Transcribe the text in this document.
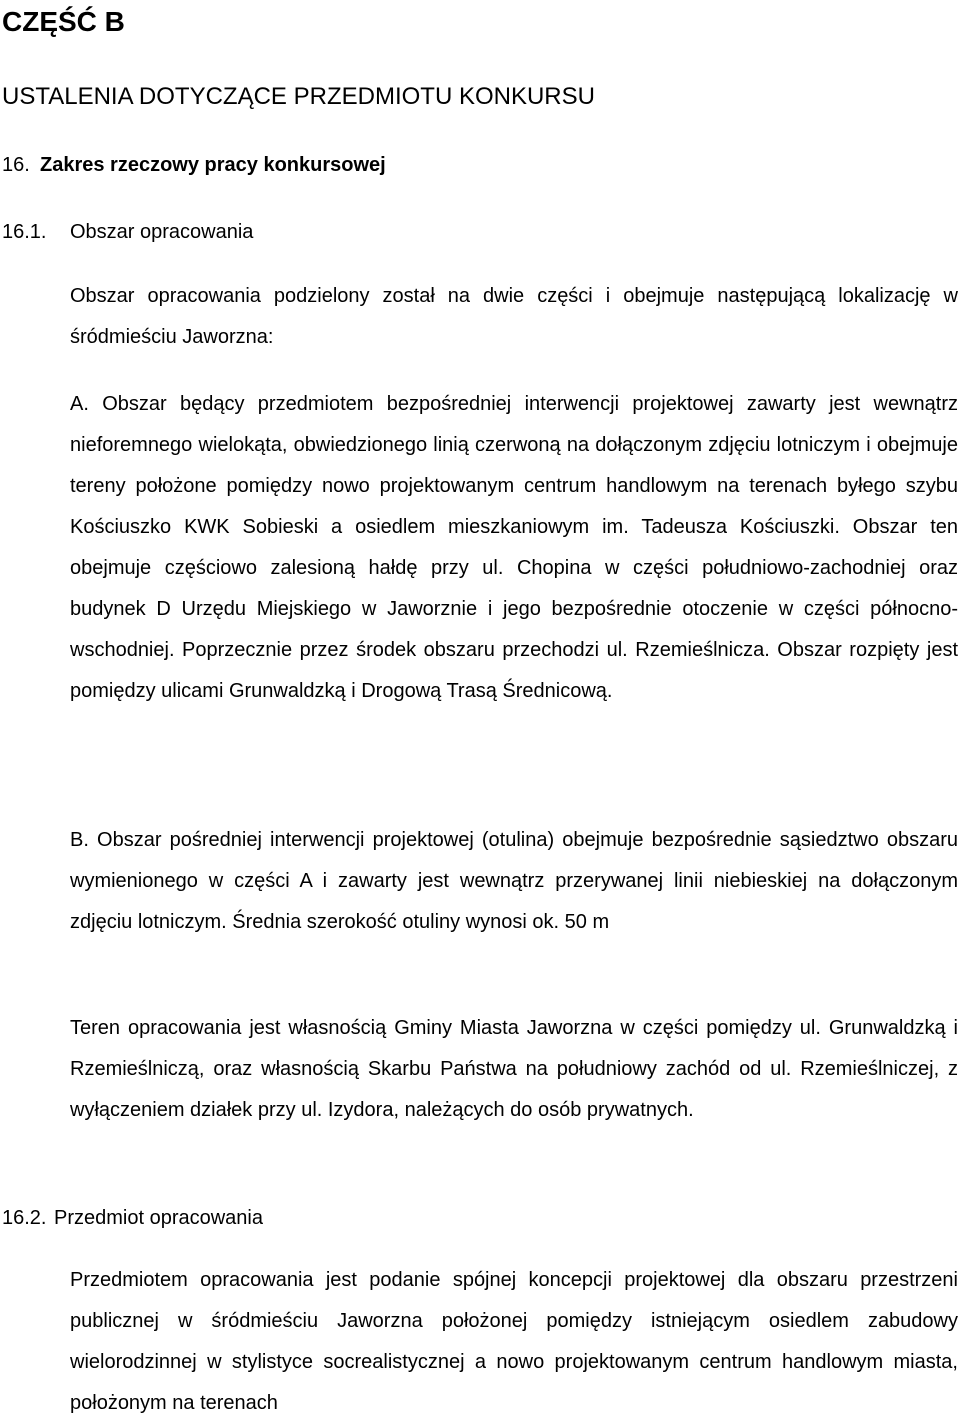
CZĘŚĆ B
USTALENIA DOTYCZĄCE PRZEDMIOTU KONKURSU
16. Zakres rzeczowy pracy konkursowej
16.1. Obszar opracowania

Obszar opracowania podzielony został na dwie części i obejmuje następującą lokalizację w śródmieściu Jaworzna:

A. Obszar będący przedmiotem bezpośredniej interwencji projektowej zawarty jest wewnątrz nieforemnego wielokąta, obwiedzionego linią czerwoną na dołączonym zdjęciu lotniczym i obejmuje tereny położone pomiędzy nowo projektowanym centrum handlowym na terenach byłego szybu Kościuszko KWK Sobieski a osiedlem mieszkaniowym im. Tadeusza Kościuszki. Obszar ten obejmuje częściowo zalesioną hałdę przy ul. Chopina w części południowo-zachodniej oraz budynek D Urzędu Miejskiego w Jaworznie i jego bezpośrednie otoczenie w części północno-wschodniej. Poprzecznie przez środek obszaru przechodzi ul. Rzemieślnicza. Obszar rozpięty jest pomiędzy ulicami Grunwaldzką i Drogową Trasą Średnicową.

B. Obszar pośredniej interwencji projektowej (otulina) obejmuje bezpośrednie sąsiedztwo obszaru wymienionego w części A i zawarty jest wewnątrz przerywanej linii niebieskiej na dołączonym zdjęciu lotniczym. Średnia szerokość otuliny wynosi ok. 50 m

Teren opracowania jest własnością Gminy Miasta Jaworzna w części pomiędzy ul. Grunwaldzką i Rzemieślniczą, oraz własnością Skarbu Państwa na południowy zachód od ul. Rzemieślniczej, z wyłączeniem działek przy ul. Izydora, należących do osób prywatnych.

16.2. Przedmiot opracowania

Przedmiotem opracowania jest podanie spójnej koncepcji projektowej dla obszaru przestrzeni publicznej w śródmieściu Jaworzna położonej pomiędzy istniejącym osiedlem zabudowy wielorodzinnej w stylistyce socrealistycznej a nowo projektowanym centrum handlowym miasta, położonym na terenach
